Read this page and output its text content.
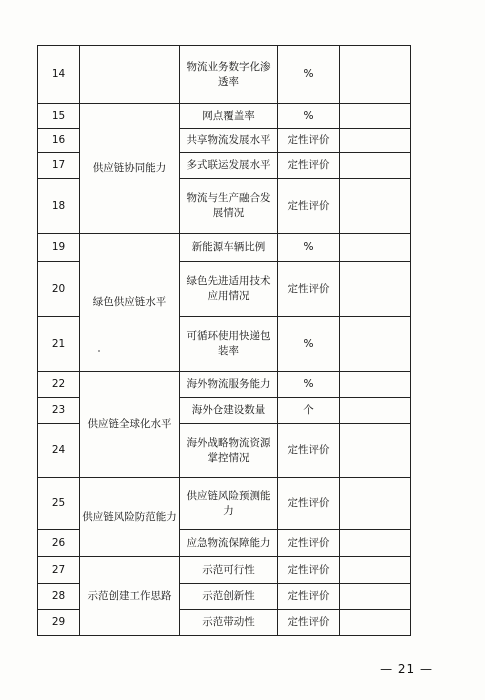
14		物流业务数字化渗透率	%	
15	供应链协同能力	网点覆盖率	%	
16		共享物流发展水平	定性评价	
17		多式联运发展水平	定性评价	
18		物流与生产融合发展情况	定性评价	
19	绿色供应链水平	新能源车辆比例	%	
20		绿色先进适用技术应用情况	定性评价	
21		可循环使用快递包装率	%	
22	供应链全球化水平	海外物流服务能力	%	
23		海外仓建设数量	个	
24		海外战略物流资源掌控情况	定性评价	
25	供应链风险防范能力	供应链风险预测能力	定性评价	
26		应急物流保障能力	定性评价	
27	示范创建工作思路	示范可行性	定性评价	
28		示范创新性	定性评价	
29		示范带动性	定性评价	
— 21 —
